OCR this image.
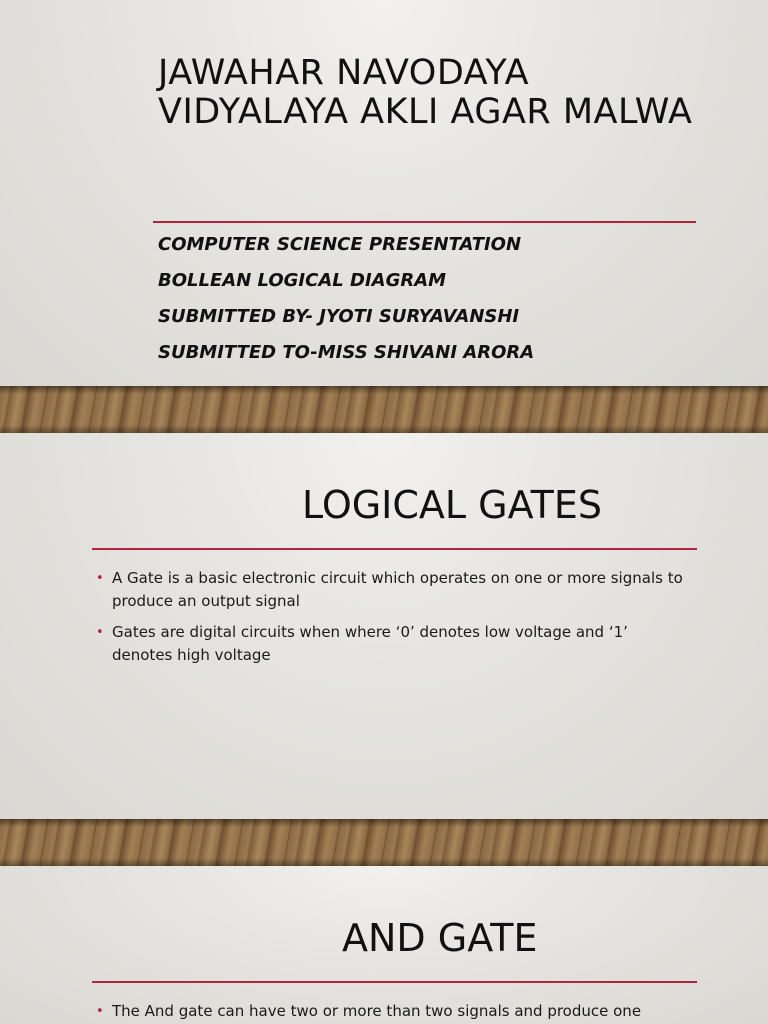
JAWAHAR NAVODAYA VIDYALAYA AKLI AGAR MALWA
COMPUTER SCIENCE PRESENTATION
BOLLEAN LOGICAL DIAGRAM
SUBMITTED BY- JYOTI SURYAVANSHI
SUBMITTED TO-MISS SHIVANI ARORA
LOGICAL GATES
• A Gate is a basic electronic circuit which operates on one or more signals to produce an output signal
• Gates are digital circuits when where ‘0’ denotes low voltage and ‘1’ denotes high voltage
AND GATE
• The And gate can have two or more than two signals and produce one
